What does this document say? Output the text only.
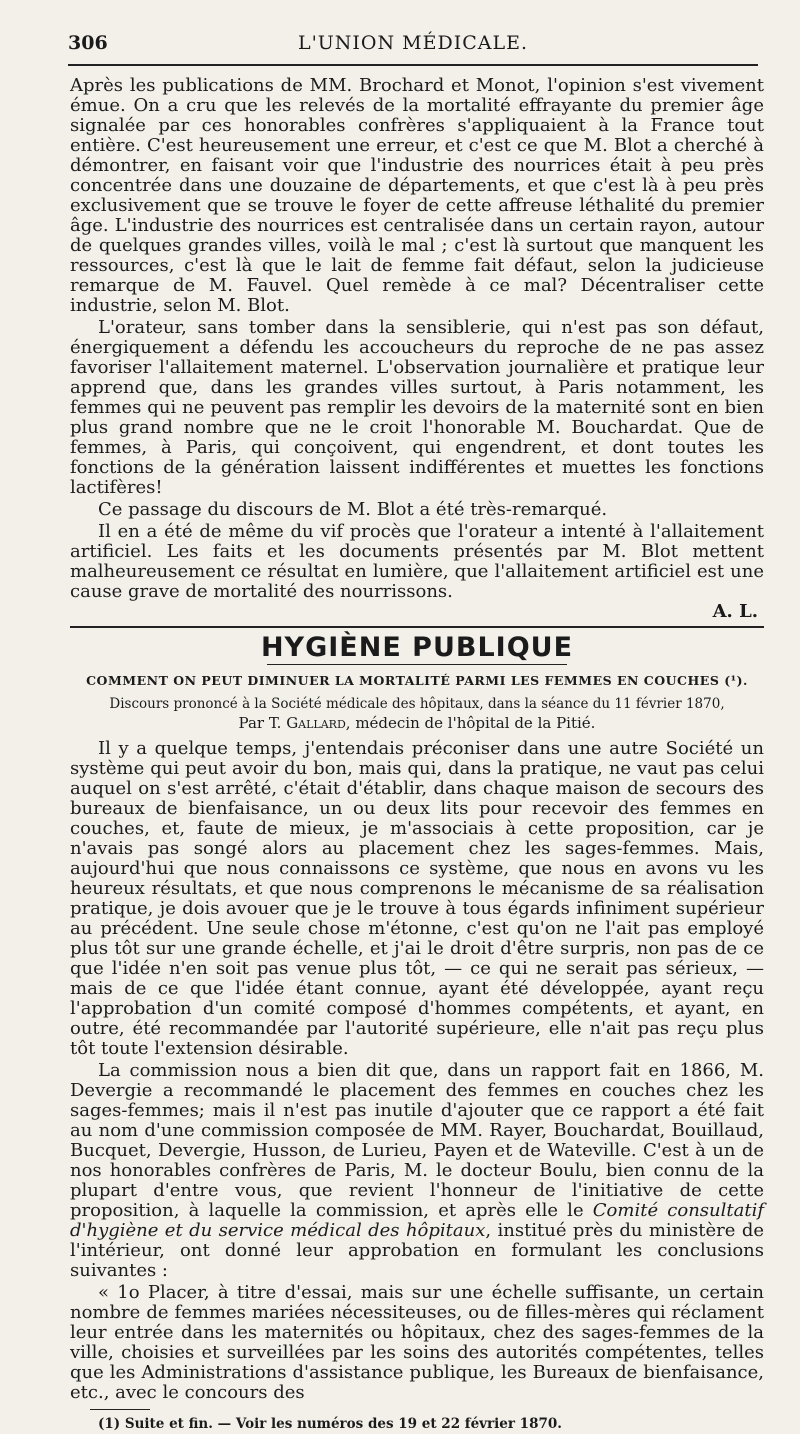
306	L'UNION MÉDICALE.

Après les publications de MM. Brochard et Monot, l'opinion s'est vivement émue. On a cru que les relevés de la mortalité effrayante du premier âge signalée par ces honorables confrères s'appliquaient à la France tout entière. C'est heureusement une erreur, et c'est ce que M. Blot a cherché à démontrer, en faisant voir que l'industrie des nourrices était à peu près concentrée dans une douzaine de départements, et que c'est là à peu près exclusivement que se trouve le foyer de cette affreuse léthalité du premier âge. L'industrie des nourrices est centralisée dans un certain rayon, autour de quelques grandes villes, voilà le mal ; c'est là surtout que manquent les ressources, c'est là que le lait de femme fait défaut, selon la judicieuse remarque de M. Fauvel. Quel remède à ce mal? Décentraliser cette industrie, selon M. Blot.

L'orateur, sans tomber dans la sensiblerie, qui n'est pas son défaut, énergiquement a défendu les accoucheurs du reproche de ne pas assez favoriser l'allaitement maternel. L'observation journalière et pratique leur apprend que, dans les grandes villes surtout, à Paris notamment, les femmes qui ne peuvent pas remplir les devoirs de la maternité sont en bien plus grand nombre que ne le croit l'honorable M. Bouchardat. Que de femmes, à Paris, qui conçoivent, qui engendrent, et dont toutes les fonctions de la génération laissent indifférentes et muettes les fonctions lactifères!

Ce passage du discours de M. Blot a été très-remarqué.

Il en a été de même du vif procès que l'orateur a intenté à l'allaitement artificiel. Les faits et les documents présentés par M. Blot mettent malheureusement ce résultat en lumière, que l'allaitement artificiel est une cause grave de mortalité des nourrissons.

A. L.
HYGIÈNE PUBLIQUE
COMMENT ON PEUT DIMINUER LA MORTALITÉ PARMI LES FEMMES EN COUCHES (¹).
Discours prononcé à la Société médicale des hôpitaux, dans la séance du 11 février 1870,
Par T. Gallard, médecin de l'hôpital de la Pitié.

Il y a quelque temps, j'entendais préconiser dans une autre Société un système qui peut avoir du bon, mais qui, dans la pratique, ne vaut pas celui auquel on s'est arrêté, c'était d'établir, dans chaque maison de secours des bureaux de bienfaisance, un ou deux lits pour recevoir des femmes en couches, et, faute de mieux, je m'associais à cette proposition, car je n'avais pas songé alors au placement chez les sages-femmes. Mais, aujourd'hui que nous connaissons ce système, que nous en avons vu les heureux résultats, et que nous comprenons le mécanisme de sa réalisation pratique, je dois avouer que je le trouve à tous égards infiniment supérieur au précédent. Une seule chose m'étonne, c'est qu'on ne l'ait pas employé plus tôt sur une grande échelle, et j'ai le droit d'être surpris, non pas de ce que l'idée n'en soit pas venue plus tôt, — ce qui ne serait pas sérieux, — mais de ce que l'idée étant connue, ayant été développée, ayant reçu l'approbation d'un comité composé d'hommes compétents, et ayant, en outre, été recommandée par l'autorité supérieure, elle n'ait pas reçu plus tôt toute l'extension désirable.

La commission nous a bien dit que, dans un rapport fait en 1866, M. Devergie a recommandé le placement des femmes en couches chez les sages-femmes; mais il n'est pas inutile d'ajouter que ce rapport a été fait au nom d'une commission composée de MM. Rayer, Bouchardat, Bouillaud, Bucquet, Devergie, Husson, de Lurieu, Payen et de Wateville. C'est à un de nos honorables confrères de Paris, M. le docteur Boulu, bien connu de la plupart d'entre vous, que revient l'honneur de l'initiative de cette proposition, à laquelle la commission, et après elle le Comité consultatif d'hygiène et du service médical des hôpitaux, institué près du ministère de l'intérieur, ont donné leur approbation en formulant les conclusions suivantes :

« 1o Placer, à titre d'essai, mais sur une échelle suffisante, un certain nombre de femmes mariées nécessiteuses, ou de filles-mères qui réclament leur entrée dans les maternités ou hôpitaux, chez des sages-femmes de la ville, choisies et surveillées par les soins des autorités compétentes, telles que les Administrations d'assistance publique, les Bureaux de bienfaisance, etc., avec le concours des

(1) Suite et fin. — Voir les numéros des 19 et 22 février 1870.
